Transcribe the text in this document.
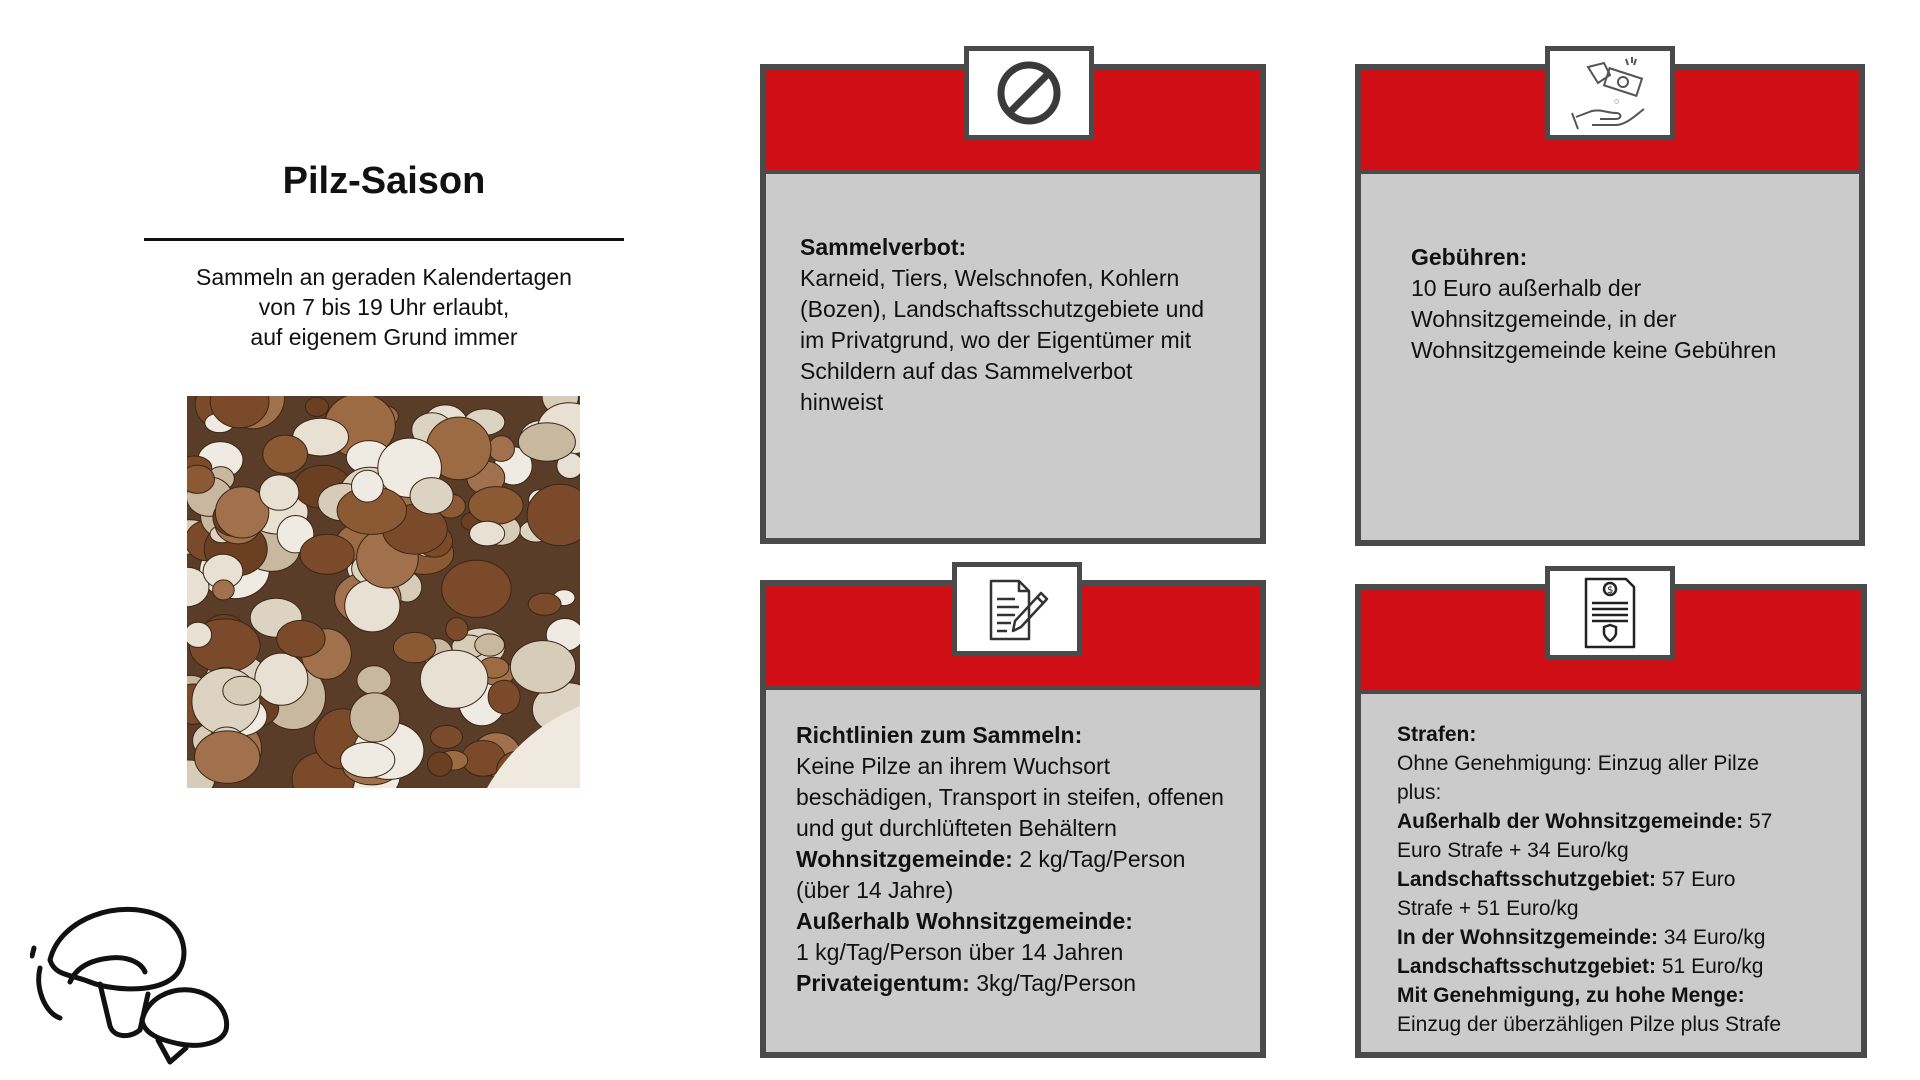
Pilz-Saison
Sammeln an geraden Kalendertagen
von 7 bis 19 Uhr erlaubt,
auf eigenem Grund immer
Sammelverbot:
Karneid, Tiers, Welschnofen, Kohlern
(Bozen), Landschaftsschutzgebiete und
im Privatgrund, wo der Eigentümer mit
Schildern auf das Sammelverbot
hinweist
○
Gebühren:
10 Euro außerhalb der
Wohnsitzgemeinde, in der
Wohnsitzgemeinde keine Gebühren
Richtlinien zum Sammeln:
Keine Pilze an ihrem Wuchsort
beschädigen, Transport in steifen, offenen
und gut durchlüfteten Behältern
Wohnsitzgemeinde: 2 kg/Tag/Person
(über 14 Jahre)
Außerhalb Wohnsitzgemeinde:
1 kg/Tag/Person über 14 Jahren
Privateigentum: 3kg/Tag/Person
$
Strafen:
Ohne Genehmigung: Einzug aller Pilze
plus:
Außerhalb der Wohnsitzgemeinde: 57
Euro Strafe + 34 Euro/kg
Landschaftsschutzgebiet: 57 Euro
Strafe + 51 Euro/kg
In der Wohnsitzgemeinde: 34 Euro/kg
Landschaftsschutzgebiet: 51 Euro/kg
Mit Genehmigung, zu hohe Menge:
Einzug der überzähligen Pilze plus Strafe
